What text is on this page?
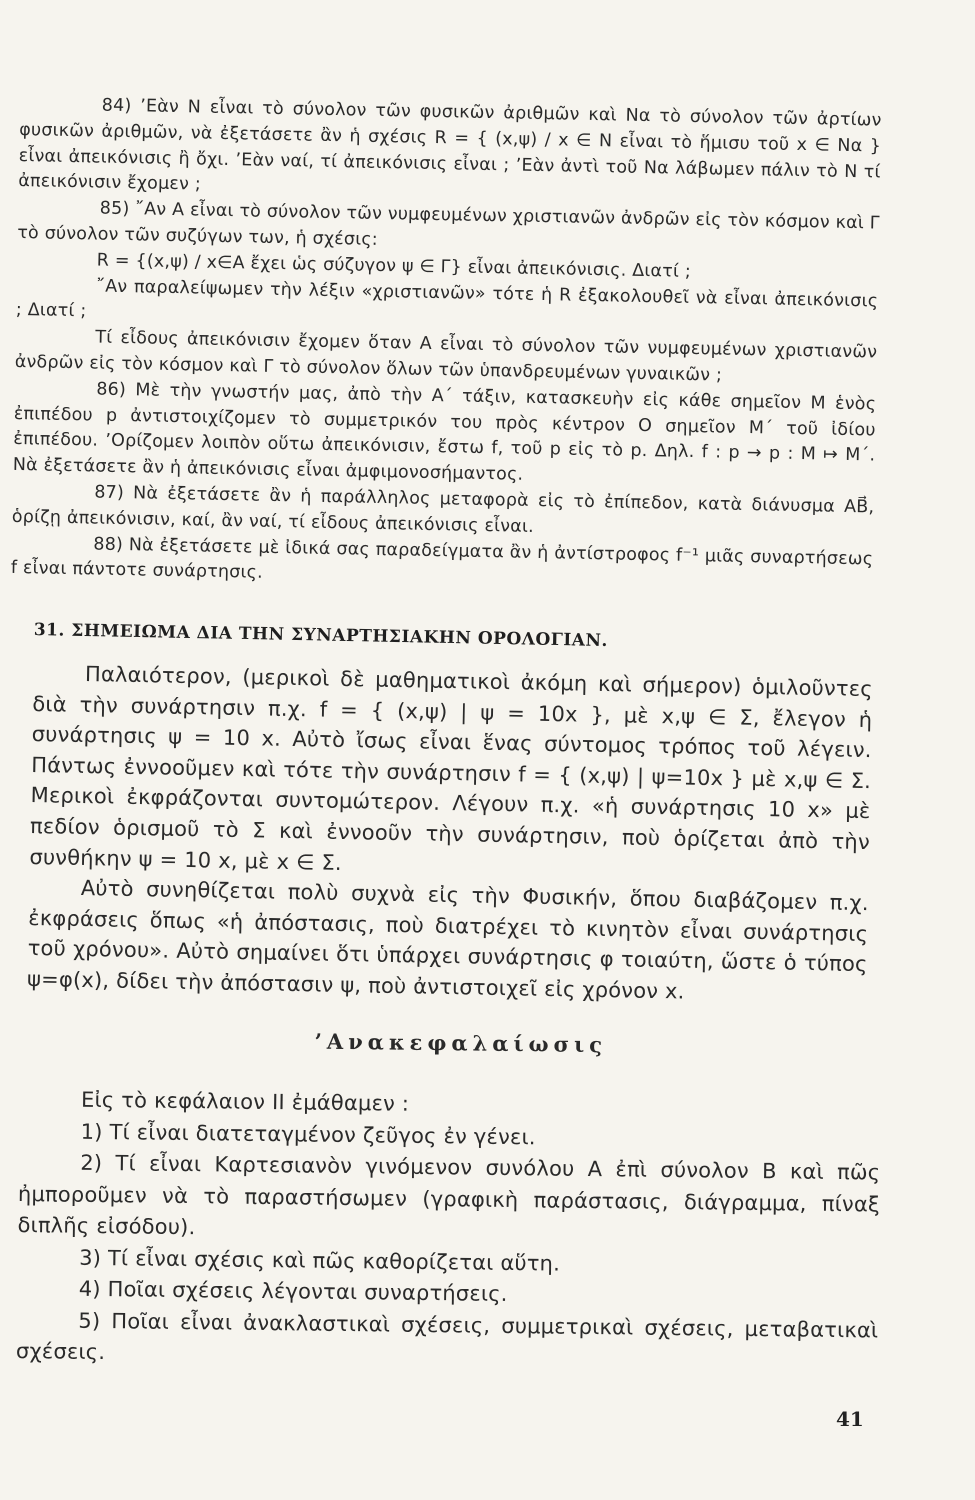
84) ’Εὰν Ν εἶναι τὸ σύνολον τῶν φυσικῶν ἀριθμῶν καὶ Να τὸ σύνολον τῶν ἀρτίων φυσικῶν ἀριθμῶν, νὰ ἐξετάσετε ἂν ἡ σχέσις R = { (x,ψ) / x ∈ N εἶναι τὸ ἥμισυ τοῦ x ∈ Να } εἶναι ἀπεικόνισις ἢ ὄχι. ’Εὰν ναί, τί ἀπεικόνισις εἶναι ; ’Εὰν ἀντὶ τοῦ Να λάβωμεν πάλιν τὸ Ν τί ἀπεικόνισιν ἔχομεν ;

85) ῎Αν Α εἶναι τὸ σύνολον τῶν νυμφευμένων χριστιανῶν ἀνδρῶν εἰς τὸν κόσμον καὶ Γ τὸ σύνολον τῶν συζύγων των, ἡ σχέσις:

R = {(x,ψ) / x∈A ἔχει ὡς σύζυγον ψ ∈ Γ} εἶναι ἀπεικόνισις. Διατί ;

῎Αν παραλείψωμεν τὴν λέξιν «χριστιανῶν» τότε ἡ R ἐξακολουθεῖ νὰ εἶναι ἀπεικόνισις ; Διατί ;

Τί εἶδους ἀπεικόνισιν ἔχομεν ὅταν Α εἶναι τὸ σύνολον τῶν νυμφευμένων χριστιανῶν ἀνδρῶν εἰς τὸν κόσμον καὶ Γ τὸ σύνολον ὅλων τῶν ὑπανδρευμένων γυναικῶν ;

86) Μὲ τὴν γνωστήν μας, ἀπὸ τὴν Α΄ τάξιν, κατασκευὴν εἰς κάθε σημεῖον Μ ἑνὸς ἐπιπέδου p ἀντιστοιχίζομεν τὸ συμμετρικόν του πρὸς κέντρον Ο σημεῖον Μ΄ τοῦ ἰδίου ἐπιπέδου. ’Ορίζομεν λοιπὸν οὕτω ἀπεικόνισιν, ἔστω f, τοῦ p εἰς τὸ p. Δηλ. f : p → p : M ↦ M΄. Νὰ ἐξετάσετε ἂν ἡ ἀπεικόνισις εἶναι ἀμφιμονοσήμαντος.

87) Νὰ ἐξετάσετε ἂν ἡ παράλληλος μεταφορὰ εἰς τὸ ἐπίπεδον, κατὰ διάνυσμα AB⃗, ὁρίζῃ ἀπεικόνισιν, καί, ἂν ναί, τί εἶδους ἀπεικόνισις εἶναι.

88) Νὰ ἐξετάσετε μὲ ἰδικά σας παραδείγματα ἂν ἡ ἀντίστροφος f⁻¹ μιᾶς συναρτήσεως f εἶναι πάντοτε συνάρτησις.

31. ΣΗΜΕΙΩΜΑ ΔΙΑ ΤΗΝ ΣΥΝΑΡΤΗΣΙΑΚΗΝ ΟΡΟΛΟΓΙΑΝ.

Παλαιότερον, (μερικοὶ δὲ μαθηματικοὶ ἀκόμη καὶ σήμερον) ὁμιλοῦντες διὰ τὴν συνάρτησιν π.χ. f = { (x,ψ) | ψ = 10x }, μὲ x,ψ ∈ Σ, ἔλεγον ἡ συνάρτησις ψ = 10 x. Αὐτὸ ἴσως εἶναι ἕνας σύντομος τρόπος τοῦ λέγειν. Πάντως ἐννοοῦμεν καὶ τότε τὴν συνάρτησιν f = { (x,ψ) | ψ=10x } μὲ x,ψ ∈ Σ. Μερικοὶ ἐκφράζονται συντομώτερον. Λέγουν π.χ. «ἡ συνάρτησις 10 x» μὲ πεδίον ὁρισμοῦ τὸ Σ καὶ ἐννοοῦν τὴν συνάρτησιν, ποὺ ὁρίζεται ἀπὸ τὴν συνθήκην ψ = 10 x, μὲ x ∈ Σ.

Αὐτὸ συνηθίζεται πολὺ συχνὰ εἰς τὴν Φυσικήν, ὅπου διαβάζομεν π.χ. ἐκφράσεις ὅπως «ἡ ἀπόστασις, ποὺ διατρέχει τὸ κινητὸν εἶναι συνάρτησις τοῦ χρόνου». Αὐτὸ σημαίνει ὅτι ὑπάρχει συνάρτησις φ τοιαύτη, ὥστε ὁ τύπος ψ=φ(x), δίδει τὴν ἀπόστασιν ψ, ποὺ ἀντιστοιχεῖ εἰς χρόνον x.

’Ανακεφαλαίωσις

Εἰς τὸ κεφάλαιον ΙΙ ἐμάθαμεν :

1) Τί εἶναι διατεταγμένον ζεῦγος ἐν γένει.

2) Τί εἶναι Καρτεσιανὸν γινόμενον συνόλου Α ἐπὶ σύνολον Β καὶ πῶς ἠμποροῦμεν νὰ τὸ παραστήσωμεν (γραφικὴ παράστασις, διάγραμμα, πίναξ διπλῆς εἰσόδου).

3) Τί εἶναι σχέσις καὶ πῶς καθορίζεται αὕτη.

4) Ποῖαι σχέσεις λέγονται συναρτήσεις.

5) Ποῖαι εἶναι ἀνακλαστικαὶ σχέσεις, συμμετρικαὶ σχέσεις, μεταβατικαὶ σχέσεις.

41
